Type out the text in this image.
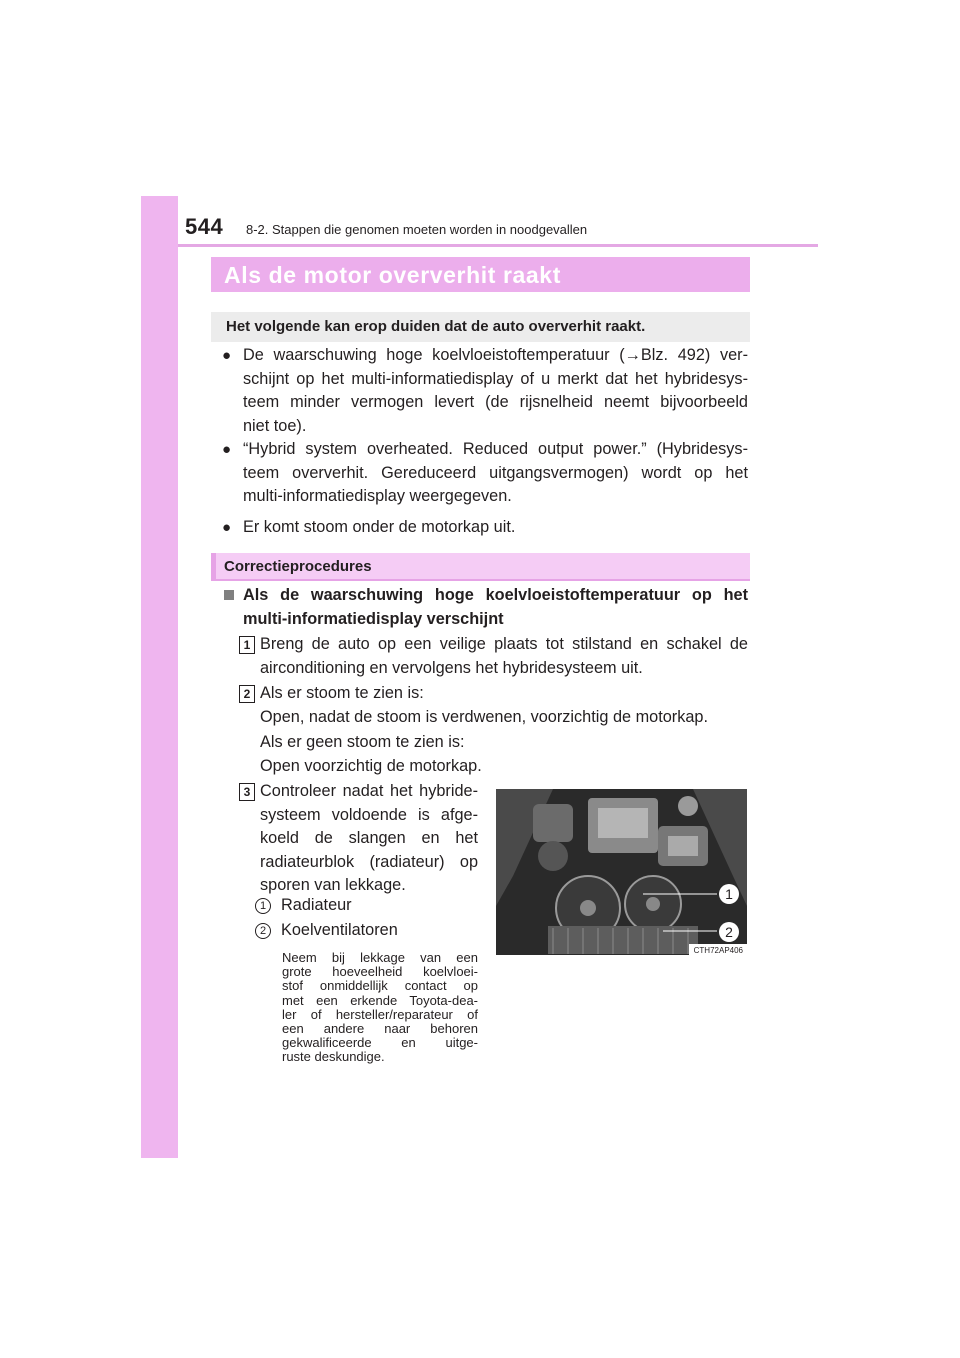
544 8-2. Stappen die genomen moeten worden in noodgevallen
Als de motor oververhit raakt
Het volgende kan erop duiden dat de auto oververhit raakt.
● De waarschuwing hoge koelvloeistoftemperatuur (→Blz. 492) ver-
schijnt op het multi-informatiedisplay of u merkt dat het hybridesys-
teem minder vermogen levert (de rijsnelheid neemt bijvoorbeeld
niet toe).
● “Hybrid system overheated. Reduced output power.” (Hybridesys-
teem oververhit. Gereduceerd uitgangsvermogen) wordt op het
multi-informatiedisplay weergegeven.
● Er komt stoom onder de motorkap uit.
Correctieprocedures
Als de waarschuwing hoge koelvloeistoftemperatuur op het
multi-informatiedisplay verschijnt
1 Breng de auto op een veilige plaats tot stilstand en schakel de
airconditioning en vervolgens het hybridesysteem uit.
2 Als er stoom te zien is:
Open, nadat de stoom is verdwenen, voorzichtig de motorkap.
Als er geen stoom te zien is:
Open voorzichtig de motorkap.
3 Controleer nadat het hybride-
systeem voldoende is afge-
koeld de slangen en het
radiateurblok (radiateur) op
sporen van lekkage.
1 Radiateur
2 Koelventilatoren
Neem bij lekkage van een
grote hoeveelheid koelvloei-
stof onmiddellijk contact op
met een erkende Toyota-dea-
ler of hersteller/reparateur of
een andere naar behoren
gekwalificeerde en uitge-
ruste deskundige.
1
2
CTH72AP406
